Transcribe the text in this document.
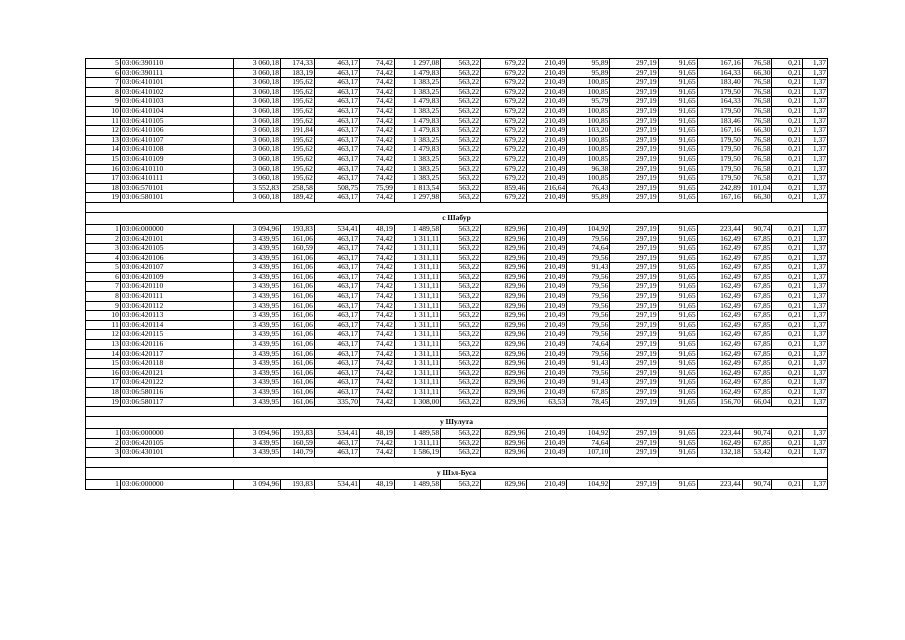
5	03:06:390110	3 060,18	174,33	463,17	74,42	1 297,08	563,22	679,22	210,49	95,89	297,19	91,65	167,16	76,58	0,21	1,37
6	03:06:390111	3 060,18	183,19	463,17	74,42	1 479,83	563,22	679,22	210,49	95,89	297,19	91,65	164,33	66,30	0,21	1,37
7	03:06:410101	3 060,18	195,62	463,17	74,42	1 383,25	563,22	679,22	210,49	100,85	297,19	91,65	183,40	76,58	0,21	1,37
8	03:06:410102	3 060,18	195,62	463,17	74,42	1 383,25	563,22	679,22	210,49	100,85	297,19	91,65	179,50	76,58	0,21	1,37
9	03:06:410103	3 060,18	195,62	463,17	74,42	1 479,83	563,22	679,22	210,49	95,79	297,19	91,65	164,33	76,58	0,21	1,37
10	03:06:410104	3 060,18	195,62	463,17	74,42	1 383,25	563,22	679,22	210,49	100,85	297,19	91,65	179,50	76,58	0,21	1,37
11	03:06:410105	3 060,18	195,62	463,17	74,42	1 479,83	563,22	679,22	210,49	100,85	297,19	91,65	183,46	76,58	0,21	1,37
12	03:06:410106	3 060,18	191,84	463,17	74,42	1 479,83	563,22	679,22	210,49	103,20	297,19	91,65	167,16	66,30	0,21	1,37
13	03:06:410107	3 060,18	195,62	463,17	74,42	1 383,25	563,22	679,22	210,49	100,85	297,19	91,65	179,50	76,58	0,21	1,37
14	03:06:410108	3 060,18	195,62	463,17	74,42	1 479,83	563,22	679,22	210,49	100,85	297,19	91,65	179,50	76,58	0,21	1,37
15	03:06:410109	3 060,18	195,62	463,17	74,42	1 383,25	563,22	679,22	210,49	100,85	297,19	91,65	179,50	76,58	0,21	1,37
16	03:06:410110	3 060,18	195,62	463,17	74,42	1 383,25	563,22	679,22	210,49	96,38	297,19	91,65	179,50	76,58	0,21	1,37
17	03:06:410111	3 060,18	195,62	463,17	74,42	1 383,25	563,22	679,22	210,49	100,85	297,19	91,65	179,50	76,58	0,21	1,37
18	03:06:570101	3 552,83	258,58	508,75	75,99	1 813,54	563,22	859,46	216,64	76,43	297,19	91,65	242,89	101,04	0,21	1,37
19	03:06:580101	3 060,18	189,42	463,17	74,42	1 297,98	563,22	679,22	210,49	95,89	297,19	91,65	167,16	66,30	0,21	1,37

с Шабур																
1	03:06:000000	3 094,96	193,83	534,41	48,19	1 489,58	563,22	829,96	210,49	104,92	297,19	91,65	223,44	90,74	0,21	1,37
2	03:06:420101	3 439,95	161,06	463,17	74,42	1 311,11	563,22	829,96	210,49	79,56	297,19	91,65	162,49	67,85	0,21	1,37
3	03:06:420105	3 439,95	160,59	463,17	74,42	1 311,11	563,22	829,96	210,49	74,64	297,19	91,65	162,49	67,85	0,21	1,37
4	03:06:420106	3 439,95	161,06	463,17	74,42	1 311,11	563,22	829,96	210,49	79,56	297,19	91,65	162,49	67,85	0,21	1,37
5	03:06:420107	3 439,95	161,06	463,17	74,42	1 311,11	563,22	829,96	210,49	91,43	297,19	91,65	162,49	67,85	0,21	1,37
6	03:06:420109	3 439,95	161,06	463,17	74,42	1 311,11	563,22	829,96	210,49	79,56	297,19	91,65	162,49	67,85	0,21	1,37
7	03:06:420110	3 439,95	161,06	463,17	74,42	1 311,11	563,22	829,96	210,49	79,56	297,19	91,65	162,49	67,85	0,21	1,37
8	03:06:420111	3 439,95	161,06	463,17	74,42	1 311,11	563,22	829,96	210,49	79,56	297,19	91,65	162,49	67,85	0,21	1,37
9	03:06:420112	3 439,95	161,06	463,17	74,42	1 311,11	563,22	829,96	210,49	79,56	297,19	91,65	162,49	67,85	0,21	1,37
10	03:06:420113	3 439,95	161,06	463,17	74,42	1 311,11	563,22	829,96	210,49	79,56	297,19	91,65	162,49	67,85	0,21	1,37
11	03:06:420114	3 439,95	161,06	463,17	74,42	1 311,11	563,22	829,96	210,49	79,56	297,19	91,65	162,49	67,85	0,21	1,37
12	03:06:420115	3 439,95	161,06	463,17	74,42	1 311,11	563,22	829,96	210,49	79,56	297,19	91,65	162,49	67,85	0,21	1,37
13	03:06:420116	3 439,95	161,06	463,17	74,42	1 311,11	563,22	829,96	210,49	74,64	297,19	91,65	162,49	67,85	0,21	1,37
14	03:06:420117	3 439,95	161,06	463,17	74,42	1 311,11	563,22	829,96	210,49	79,56	297,19	91,65	162,49	67,85	0,21	1,37
15	03:06:420118	3 439,95	161,06	463,17	74,42	1 311,11	563,22	829,96	210,49	91,43	297,19	91,65	162,49	67,85	0,21	1,37
16	03:06:420121	3 439,95	161,06	463,17	74,42	1 311,11	563,22	829,96	210,49	79,56	297,19	91,65	162,49	67,85	0,21	1,37
17	03:06:420122	3 439,95	161,06	463,17	74,42	1 311,11	563,22	829,96	210,49	91,43	297,19	91,65	162,49	67,85	0,21	1,37
18	03:06:580116	3 439,95	161,06	463,17	74,42	1 311,11	563,22	829,96	210,49	67,85	297,19	91,65	162,49	67,85	0,21	1,37
19	03:06:580117	3 439,95	161,06	335,70	74,42	1 308,00	563,22	829,96	63,53	78,45	297,19	91,65	156,70	66,04	0,21	1,37

у Шулута																
1	03:06:000000	3 094,96	193,83	534,41	48,19	1 489,58	563,22	829,96	210,49	104,92	297,19	91,65	223,44	90,74	0,21	1,37
2	03:06:420105	3 439,95	160,59	463,17	74,42	1 311,11	563,22	829,96	210,49	74,64	297,19	91,65	162,49	67,85	0,21	1,37
3	03:06:430101	3 439,95	140,79	463,17	74,42	1 586,19	563,22	829,96	210,49	107,10	297,19	91,65	132,18	53,42	0,21	1,37

у Шэл-Буса																
1	03:06:000000	3 094,96	193,83	534,41	48,19	1 489,58	563,22	829,96	210,49	104,92	297,19	91,65	223,44	90,74	0,21	1,37
